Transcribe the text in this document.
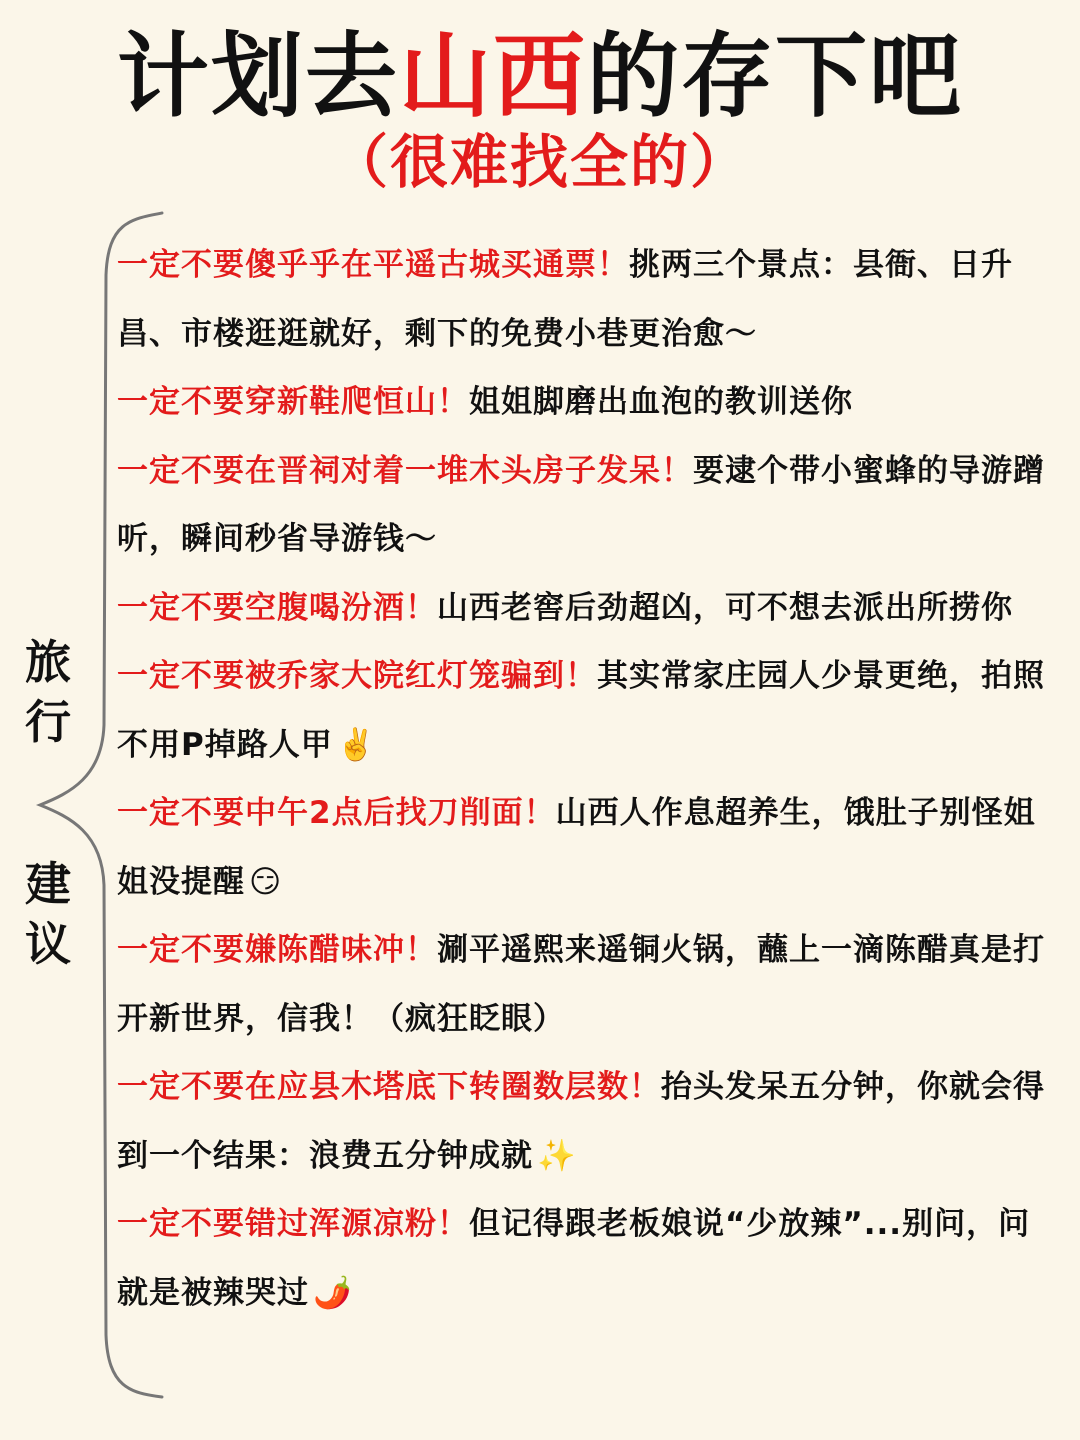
计划去山西的存下吧
（很难找全的）
旅
行
建
议

一定不要傻乎乎在平遥古城买通票！挑两三个景点：县衙、日升昌、市楼逛逛就好，剩下的免费小巷更治愈～

一定不要穿新鞋爬恒山！姐姐脚磨出血泡的教训送你

一定不要在晋祠对着一堆木头房子发呆！要逮个带小蜜蜂的导游蹭听，瞬间秒省导游钱～

一定不要空腹喝汾酒！山西老窖后劲超凶，可不想去派出所捞你

一定不要被乔家大院红灯笼骗到！其实常家庄园人少景更绝，拍照不用P掉路人甲 ✌️

一定不要中午2点后找刀削面！山西人作息超养生，饿肚子别怪姐姐没提醒 😏

一定不要嫌陈醋味冲！涮平遥熙来遥铜火锅，蘸上一滴陈醋真是打开新世界，信我！（疯狂眨眼）

一定不要在应县木塔底下转圈数层数！抬头发呆五分钟，你就会得到一个结果：浪费五分钟成就 ✨

一定不要错过浑源凉粉！但记得跟老板娘说“少放辣”...别问，问就是被辣哭过 🌶️
